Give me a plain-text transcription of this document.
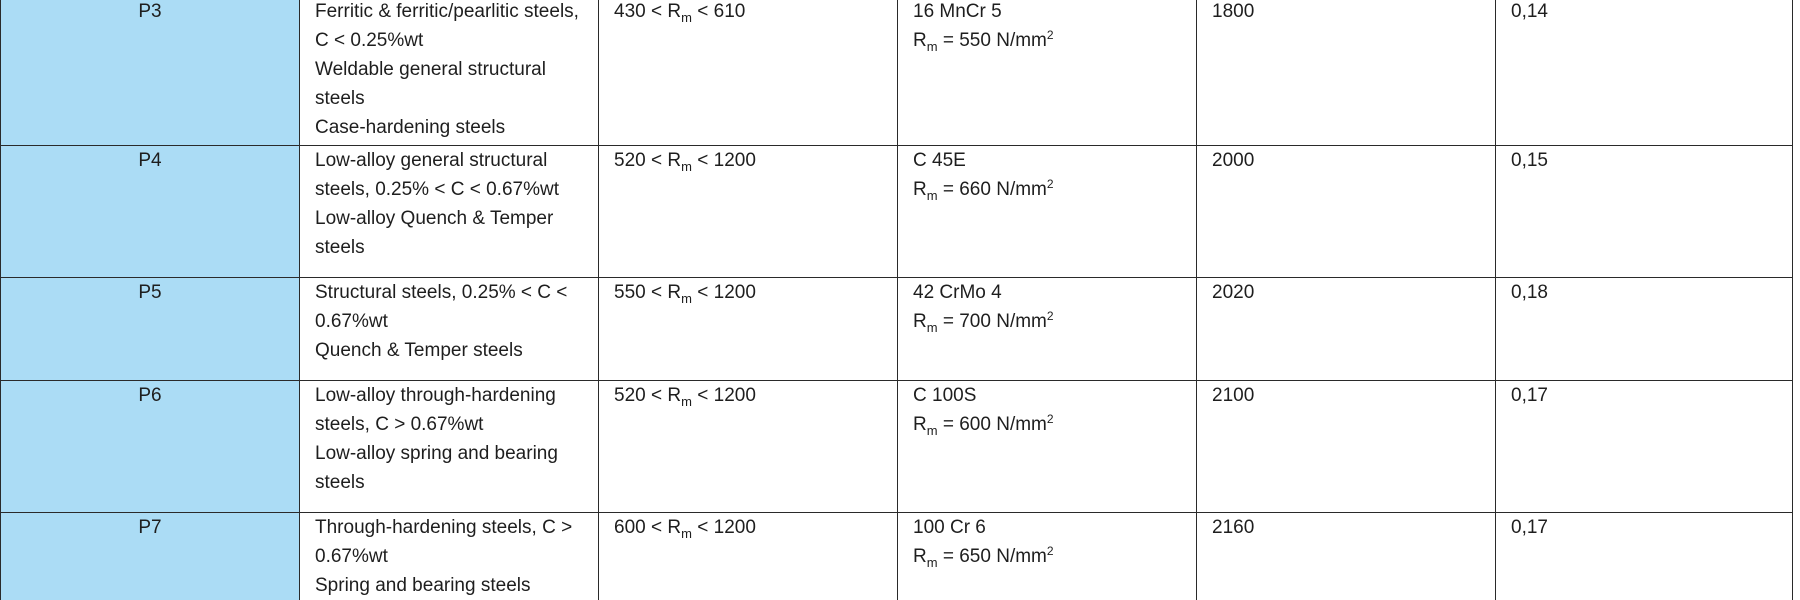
P3	Ferritic & ferritic/pearlitic steels,
C < 0.25%wt
Weldable general structural
steels
Case-hardening steels	$430 < R_m < 610$	16 MnCr 5
$R_m = 550$ $N/mm^2$	1800	0,14
P4	Low-alloy general structural
steels, 0.25% < C < 0.67%wt
Low-alloy Quench & Temper
steels	$520 < R_m < 1200$	C 45E
$R_m = 660$ $N/mm^2$	2000	0,15
P5	Structural steels, 0.25% < C <
0.67%wt
Quench & Temper steels	$550 < R_m < 1200$	42 CrMo 4
$R_m = 700$ $N/mm^2$	2020	0,18
P6	Low-alloy through-hardening
steels, C > 0.67%wt
Low-alloy spring and bearing
steels	$520 < R_m < 1200$	C 100S
$R_m = 600$ $N/mm^2$	2100	0,17
P7	Through-hardening steels, C >
0.67%wt
Spring and bearing steels	$600 < R_m < 1200$	100 Cr 6
$R_m = 650$ $N/mm^2$	2160	0,17
